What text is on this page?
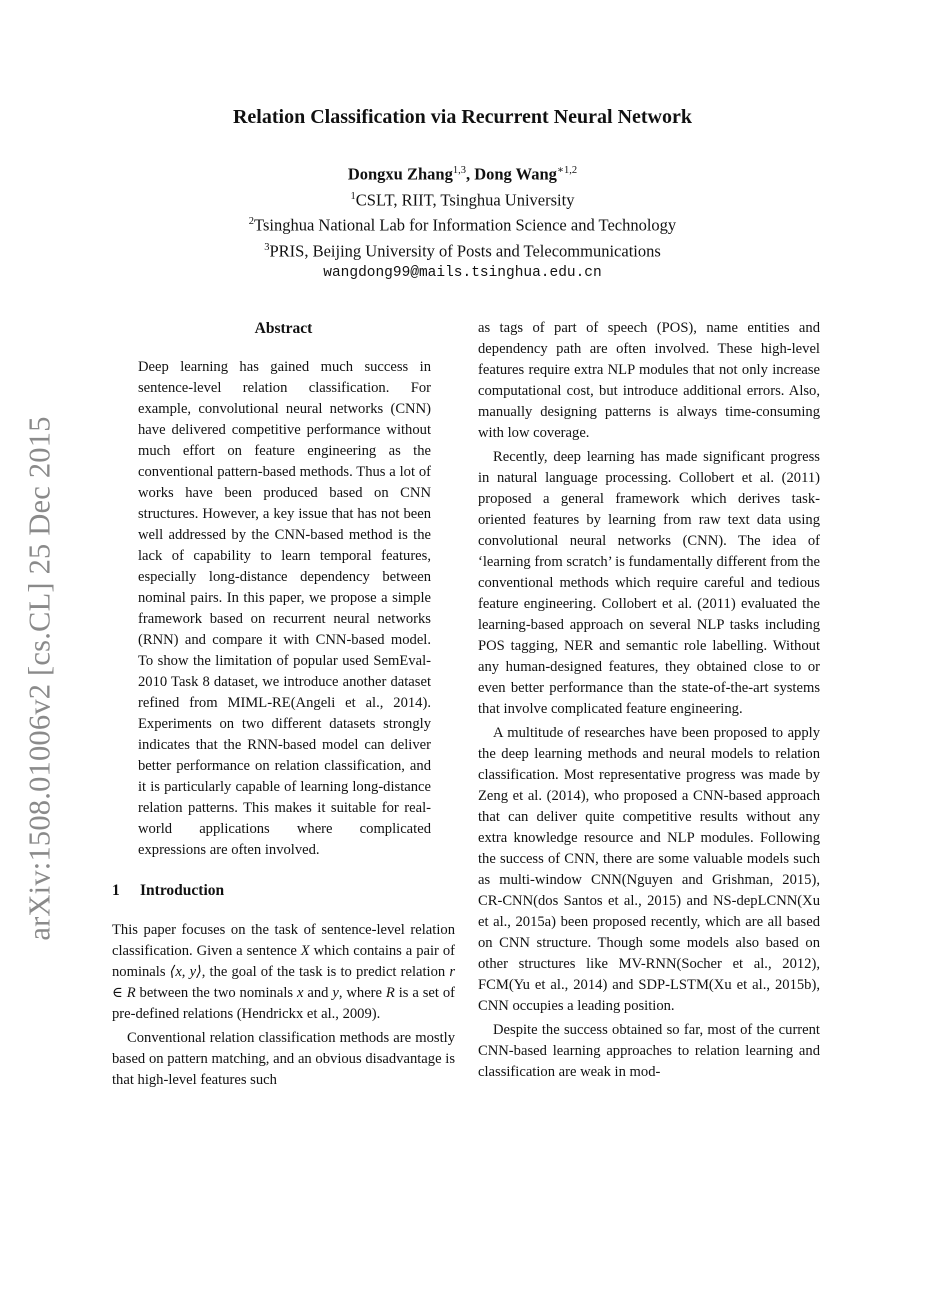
arXiv:1508.01006v2 [cs.CL] 25 Dec 2015
Relation Classification via Recurrent Neural Network
Dongxu Zhang$^{1,3}$, Dong Wang$^{∗1,2}$
$^1$CSLT, RIIT, Tsinghua University
$^2$Tsinghua National Lab for Information Science and Technology
$^3$PRIS, Beijing University of Posts and Telecommunications
wangdong99@mails.tsinghua.edu.cn
Abstract

Deep learning has gained much success in sentence-level relation classification. For example, convolutional neural networks (CNN) have delivered competitive performance without much effort on feature engineering as the conventional pattern-based methods. Thus a lot of works have been produced based on CNN structures. However, a key issue that has not been well addressed by the CNN-based method is the lack of capability to learn temporal features, especially long-distance dependency between nominal pairs. In this paper, we propose a simple framework based on recurrent neural networks (RNN) and compare it with CNN-based model. To show the limitation of popular used SemEval-2010 Task 8 dataset, we introduce another dataset refined from MIML-RE(Angeli et al., 2014). Experiments on two different datasets strongly indicates that the RNN-based model can deliver better performance on relation classification, and it is particularly capable of learning long-distance relation patterns. This makes it suitable for real-world applications where complicated expressions are often involved.

1 Introduction

This paper focuses on the task of sentence-level relation classification. Given a sentence X which contains a pair of nominals ⟨x, y⟩, the goal of the task is to predict relation r ∈ R between the two nominals x and y, where R is a set of pre-defined relations (Hendrickx et al., 2009).

Conventional relation classification methods are mostly based on pattern matching, and an obvious disadvantage is that high-level features such

as tags of part of speech (POS), name entities and dependency path are often involved. These high-level features require extra NLP modules that not only increase computational cost, but introduce additional errors. Also, manually designing patterns is always time-consuming with low coverage.

Recently, deep learning has made significant progress in natural language processing. Collobert et al. (2011) proposed a general framework which derives task-oriented features by learning from raw text data using convolutional neural networks (CNN). The idea of ‘learning from scratch’ is fundamentally different from the conventional methods which require careful and tedious feature engineering. Collobert et al. (2011) evaluated the learning-based approach on several NLP tasks including POS tagging, NER and semantic role labelling. Without any human-designed features, they obtained close to or even better performance than the state-of-the-art systems that involve complicated feature engineering.

A multitude of researches have been proposed to apply the deep learning methods and neural models to relation classification. Most representative progress was made by Zeng et al. (2014), who proposed a CNN-based approach that can deliver quite competitive results without any extra knowledge resource and NLP modules. Following the success of CNN, there are some valuable models such as multi-window CNN(Nguyen and Grishman, 2015), CR-CNN(dos Santos et al., 2015) and NS-depLCNN(Xu et al., 2015a) been proposed recently, which are all based on CNN structure. Though some models also based on other structures like MV-RNN(Socher et al., 2012), FCM(Yu et al., 2014) and SDP-LSTM(Xu et al., 2015b), CNN occupies a leading position.

Despite the success obtained so far, most of the current CNN-based learning approaches to relation learning and classification are weak in mod-
